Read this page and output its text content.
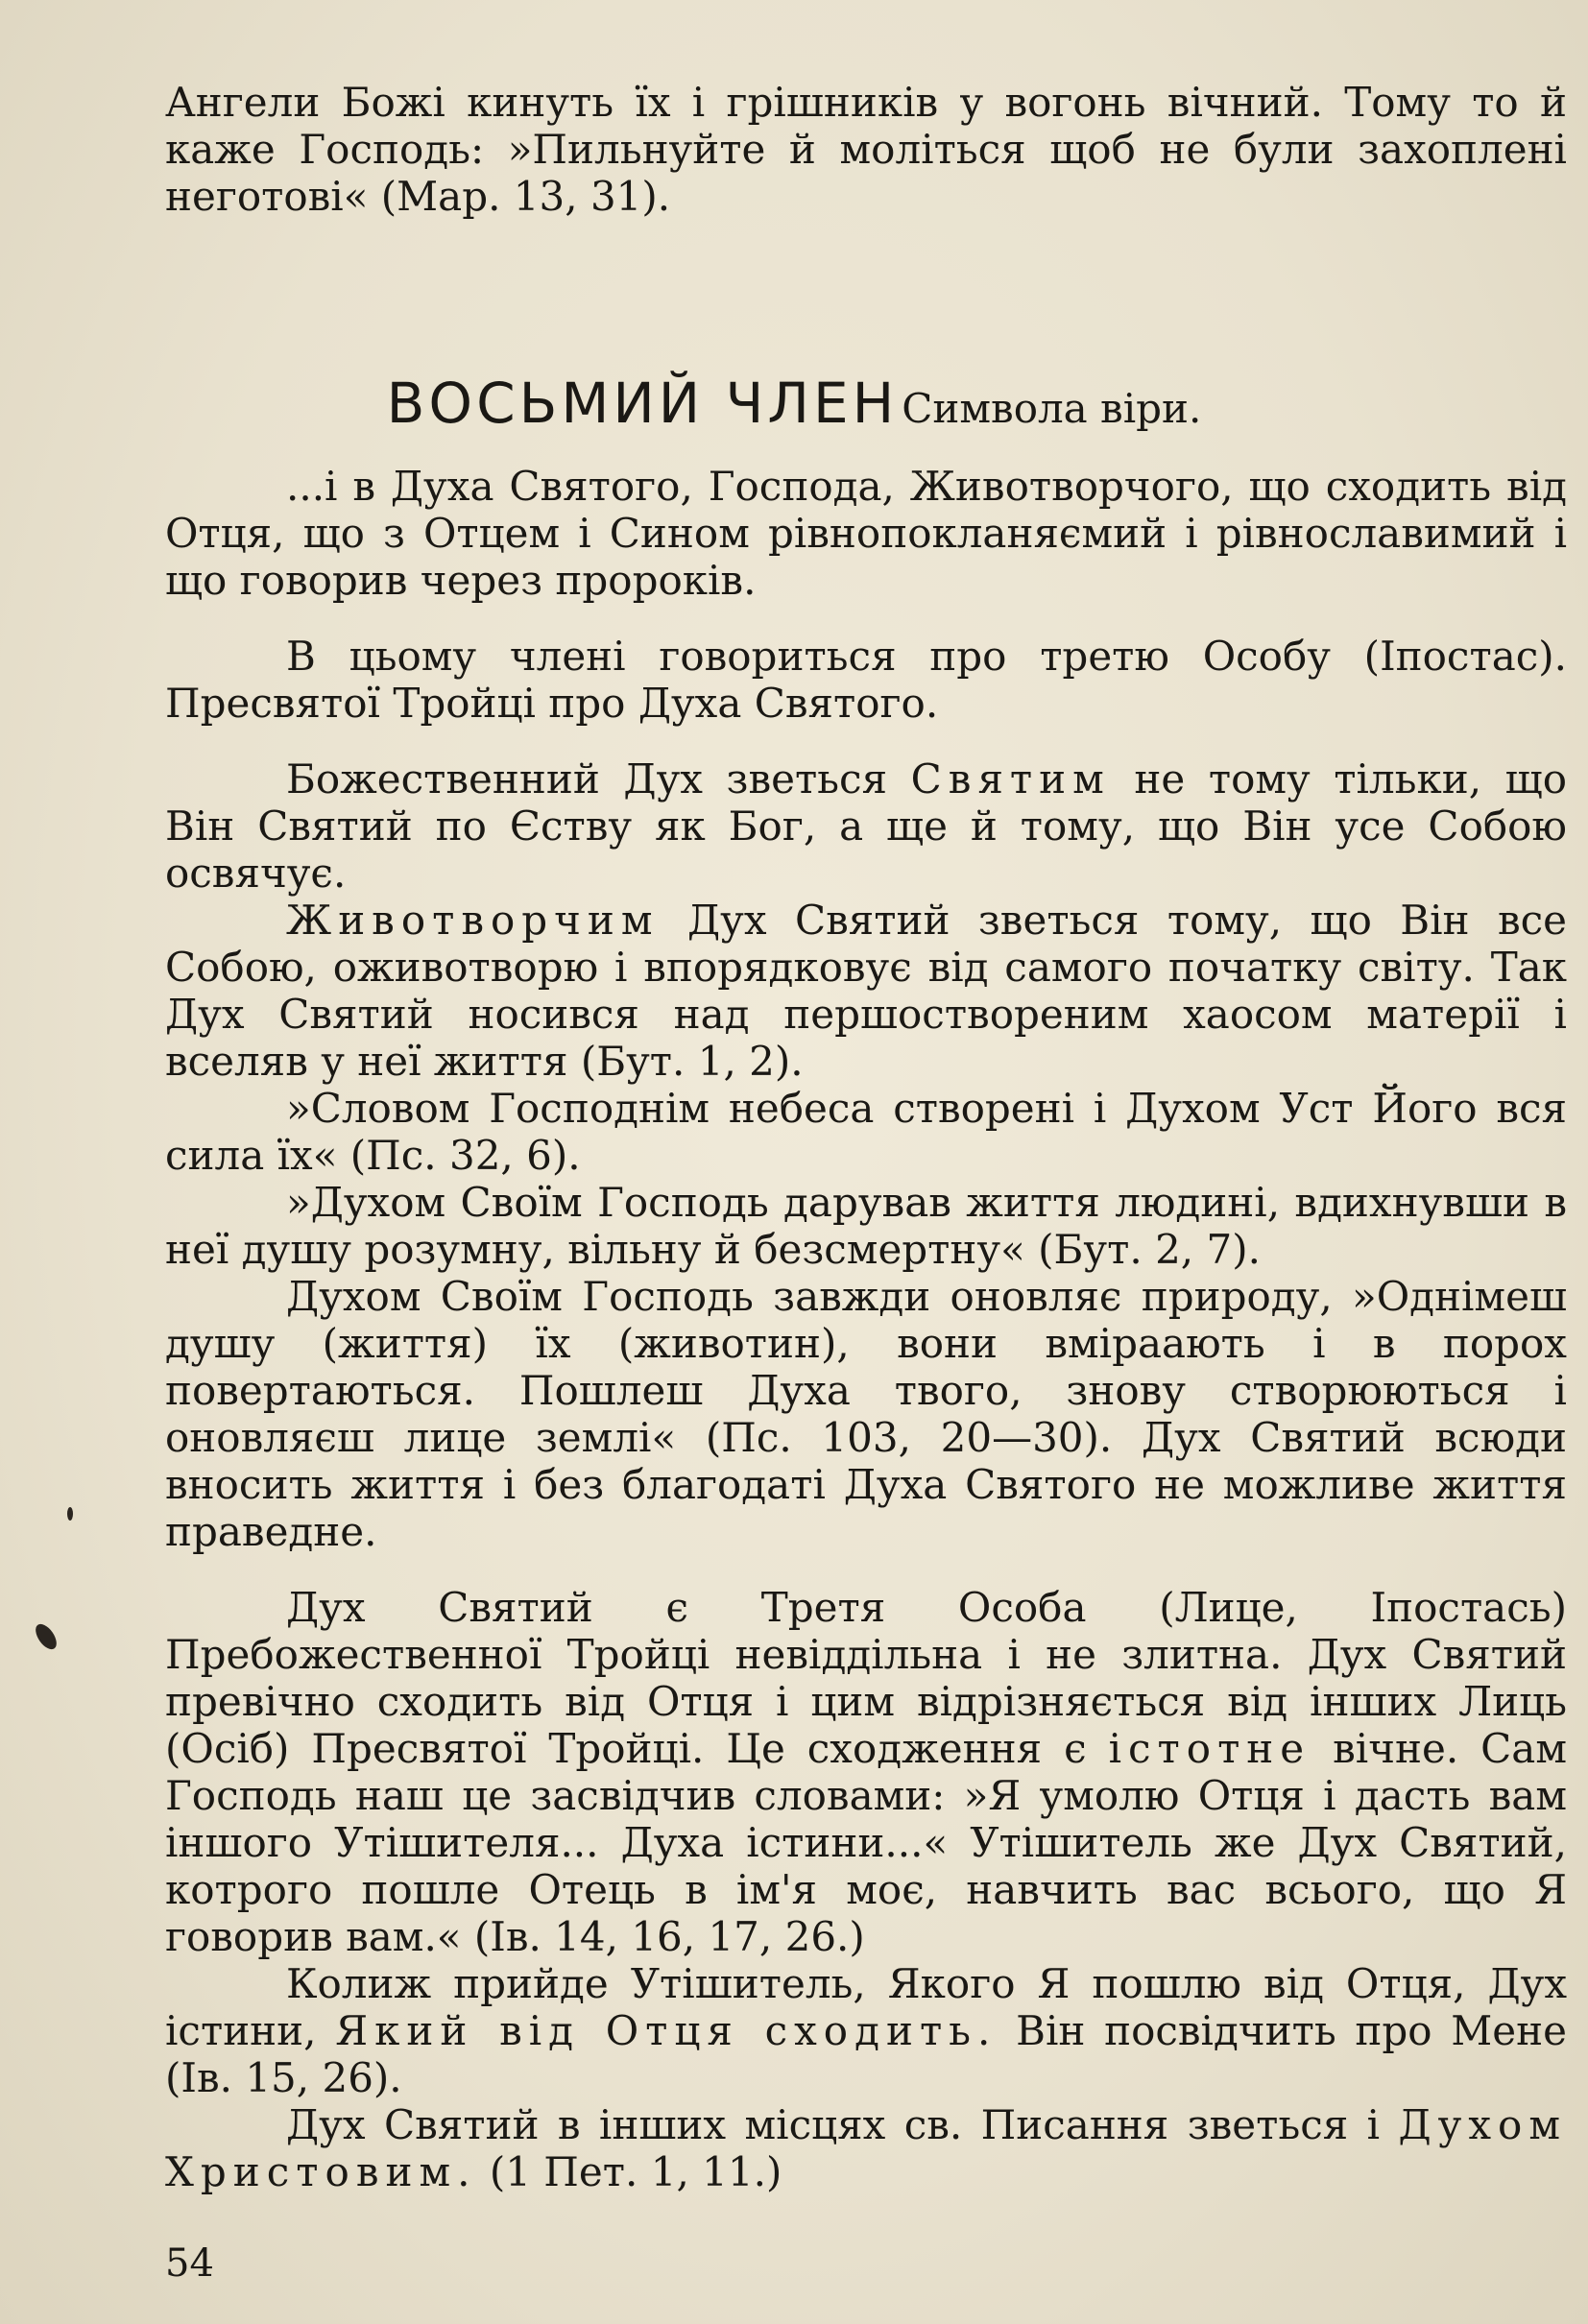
Ангели Божі кинуть їх і грішників у вогонь вічний. Тому то й каже Господь: »Пильнуйте й моліться щоб не були захоплені неготові« (Мар. 13, 31).

ВОСЬМИЙ ЧЛЕН Символа віри.

...і в Духа Святого, Господа, Животворчого, що сходить від Отця, що з Отцем і Сином рівнопокланяємий і рівнославимий і що говорив через пророків.

В цьому члені говориться про третю Особу (Іпостас). Пресвятої Тройці про Духа Святого.

Божественний Дух зветься Святим не тому тільки, що Він Святий по Єству як Бог, а ще й тому, що Він усе Собою освячує.

Животворчим Дух Святий зветься тому, що Він все Собою, оживотворю і впорядковує від самого початку світу. Так Дух Святий носився над першоствореним хаосом матерії і вселяв у неї життя (Бут. 1, 2).

»Словом Господнім небеса створені і Духом Уст Його вся сила їх« (Пс. 32, 6).

»Духом Своїм Господь дарував життя людині, вдихнувши в неї душу розумну, вільну й безсмертну« (Бут. 2, 7).

Духом Своїм Господь завжди оновляє природу, »Однімеш душу (життя) їх (животин), вони вміраають і в порох повертаються. Пошлеш Духа твого, знову створюються і оновляєш лице землі« (Пс. 103, 20—30). Дух Святий всюди вносить життя і без благодаті Духа Святого не можливе життя праведне.

Дух Святий є Третя Особа (Лице, Іпостась) Пребожественної Тройці невіддільна і не злитна. Дух Святий превічно сходить від Отця і цим відрізняється від інших Лиць (Осіб) Пресвятої Тройці. Це сходження є істотне вічне. Сам Господь наш це засвідчив словами: »Я умолю Отця і дасть вам іншого Утішителя... Духа істини...« Утішитель же Дух Святий, котрого пошле Отець в ім'я моє, навчить вас всього, що Я говорив вам.« (Ів. 14, 16, 17, 26.)

Колиж прийде Утішитель, Якого Я пошлю від Отця, Дух істини, Який від Отця сходить. Він посвідчить про Мене (Ів. 15, 26).

Дух Святий в інших місцях св. Писання зветься і Духом Христовим. (1 Пет. 1, 11.)

54
